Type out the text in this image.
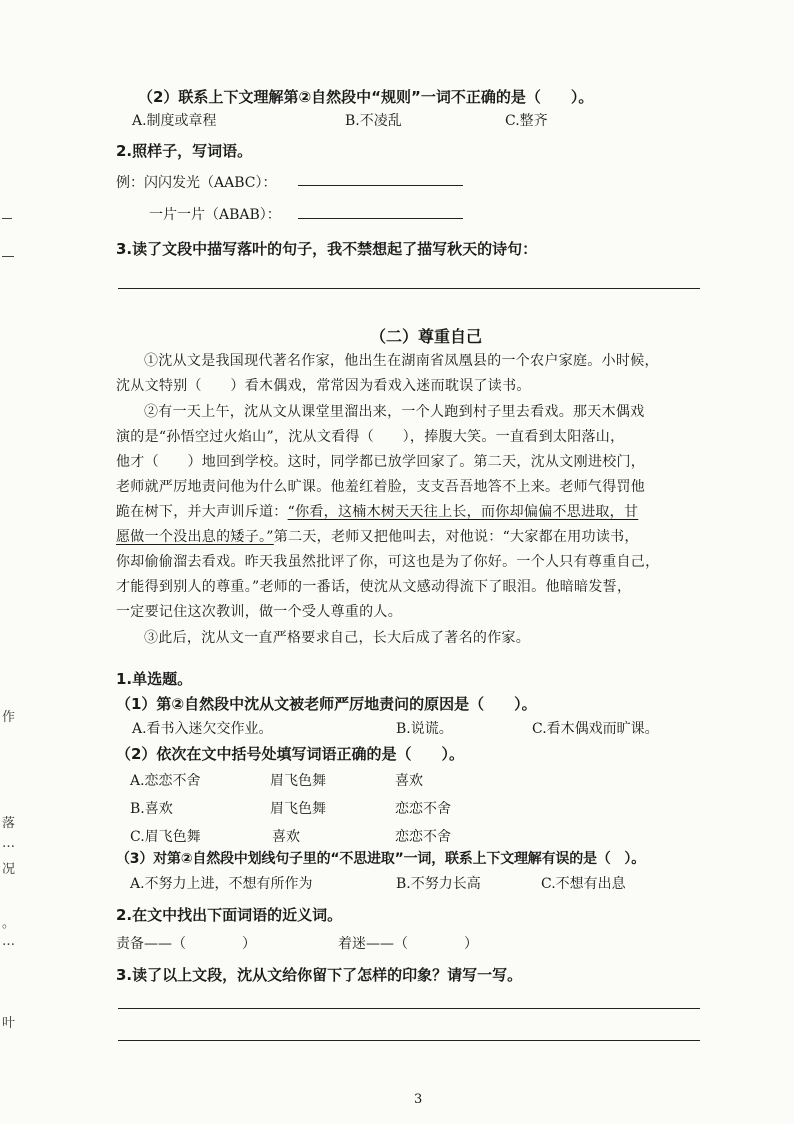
作
落
…
况
。
…
叶
（2）联系上下文理解第②自然段中“规则”一词不正确的是（　　）。
A.制度或章程	B.不凌乱	C.整齐
2.照样子，写词语。
例：闪闪发光（AABC）：
一片一片（ABAB）：
3.读了文段中描写落叶的句子，我不禁想起了描写秋天的诗句：
（二）尊重自己
①沈从文是我国现代著名作家，他出生在湖南省凤凰县的一个农户家庭。小时候，
沈从文特别（　　）看木偶戏，常常因为看戏入迷而耽误了读书。
②有一天上午，沈从文从课堂里溜出来，一个人跑到村子里去看戏。那天木偶戏
演的是“孙悟空过火焰山”，沈从文看得（　　），捧腹大笑。一直看到太阳落山，
他才（　　）地回到学校。这时，同学都已放学回家了。第二天，沈从文刚进校门，
老师就严厉地责问他为什么旷课。他羞红着脸，支支吾吾地答不上来。老师气得罚他
跪在树下，并大声训斥道：“你看，这楠木树天天往上长，而你却偏偏不思进取，甘
愿做一个没出息的矮子。”第二天，老师又把他叫去，对他说：“大家都在用功读书，
你却偷偷溜去看戏。昨天我虽然批评了你，可这也是为了你好。一个人只有尊重自己，
才能得到别人的尊重。”老师的一番话，使沈从文感动得流下了眼泪。他暗暗发誓，
一定要记住这次教训，做一个受人尊重的人。
③此后，沈从文一直严格要求自己，长大后成了著名的作家。
1.单选题。
（1）第②自然段中沈从文被老师严厉地责问的原因是（　　）。
A.看书入迷欠交作业。	B.说谎。	C.看木偶戏而旷课。
（2）依次在文中括号处填写词语正确的是（　　）。
A.恋恋不舍	眉飞色舞	喜欢
B.喜欢	眉飞色舞	恋恋不舍
C.眉飞色舞	喜欢	恋恋不舍
（3）对第②自然段中划线句子里的“不思进取”一词，联系上下文理解有误的是（　）。
A.不努力上进，不想有所作为	B.不努力长高	C.不想有出息
2.在文中找出下面词语的近义词。
责备——（　　　　）	着迷——（　　　　）
3.读了以上文段，沈从文给你留下了怎样的印象？请写一写。
3
